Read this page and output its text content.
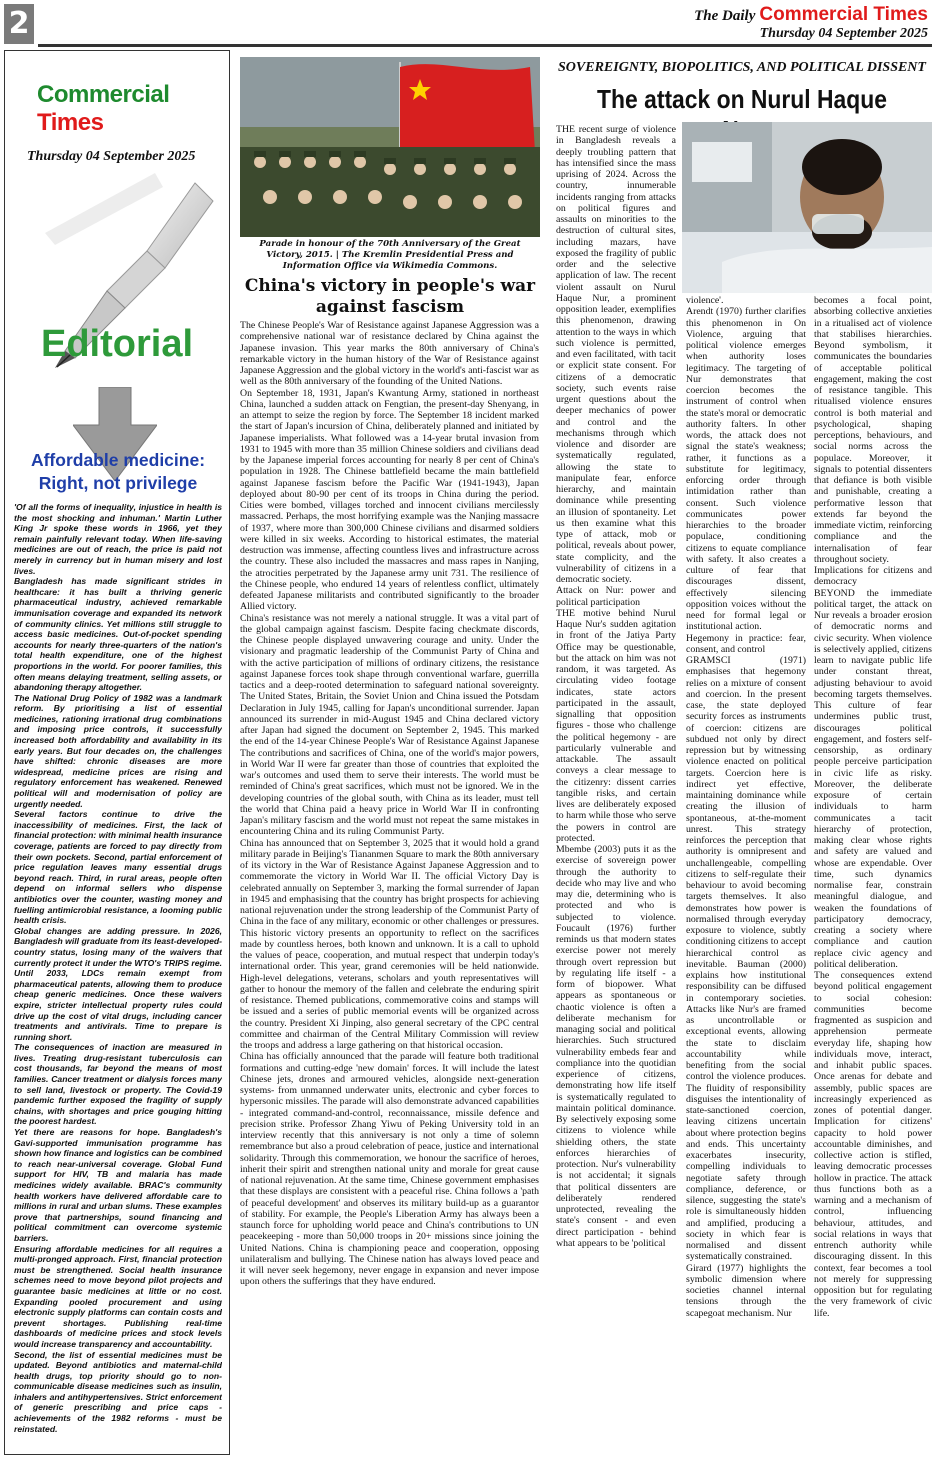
2	The Daily Commercial Times
Thursday 04 September 2025
Commercial Times
Thursday 04 September 2025
Editorial
Affordable medicine: Right, not privilege

'Of all the forms of inequality, injustice in health is the most shocking and inhuman.' Martin Luther King Jr spoke these words in 1966, yet they remain painfully relevant today. When life-saving medicines are out of reach, the price is paid not merely in currency but in human misery and lost lives.

Bangladesh has made significant strides in healthcare: it has built a thriving generic pharmaceutical industry, achieved remarkable immunisation coverage and expanded its network of community clinics. Yet millions still struggle to access basic medicines. Out-of-pocket spending accounts for nearly three-quarters of the nation's total health expenditure, one of the highest proportions in the world. For poorer families, this often means delaying treatment, selling assets, or abandoning therapy altogether.

The National Drug Policy of 1982 was a landmark reform. By prioritising a list of essential medicines, rationing irrational drug combinations and imposing price controls, it successfully increased both affordability and availability in its early years. But four decades on, the challenges have shifted: chronic diseases are more widespread, medicine prices are rising and regulatory enforcement has weakened. Renewed political will and modernisation of policy are urgently needed.

Several factors continue to drive the inaccessibility of medicines. First, the lack of financial protection: with minimal health insurance coverage, patients are forced to pay directly from their own pockets. Second, partial enforcement of price regulation leaves many essential drugs beyond reach. Third, in rural areas, people often depend on informal sellers who dispense antibiotics over the counter, wasting money and fuelling antimicrobial resistance, a looming public health crisis.

Global changes are adding pressure. In 2026, Bangladesh will graduate from its least-developed-country status, losing many of the waivers that currently protect it under the WTO's TRIPS regime. Until 2033, LDCs remain exempt from pharmaceutical patents, allowing them to produce cheap generic medicines. Once these waivers expire, stricter intellectual property rules could drive up the cost of vital drugs, including cancer treatments and antivirals. Time to prepare is running short.

The consequences of inaction are measured in lives. Treating drug-resistant tuberculosis can cost thousands, far beyond the means of most families. Cancer treatment or dialysis forces many to sell land, livestock or property. The Covid-19 pandemic further exposed the fragility of supply chains, with shortages and price gouging hitting the poorest hardest.

Yet there are reasons for hope. Bangladesh's Gavi-supported immunisation programme has shown how finance and logistics can be combined to reach near-universal coverage. Global Fund support for HIV, TB and malaria has made medicines widely available. BRAC's community health workers have delivered affordable care to millions in rural and urban slums. These examples prove that partnerships, sound financing and political commitment can overcome systemic barriers.

Ensuring affordable medicines for all requires a multi-pronged approach. First, financial protection must be strengthened. Social health insurance schemes need to move beyond pilot projects and guarantee basic medicines at little or no cost. Expanding pooled procurement and using electronic supply platforms can contain costs and prevent shortages. Publishing real-time dashboards of medicine prices and stock levels would increase transparency and accountability.

Second, the list of essential medicines must be updated. Beyond antibiotics and maternal-child health drugs, top priority should go to non-communicable disease medicines such as insulin, inhalers and antihypertensives. Strict enforcement of generic prescribing and price caps - achievements of the 1982 reforms - must be reinstated.

Parade in honour of the 70th Anniversary of the Great Victory, 2015. | The Kremlin Presidential Press and Information Office via Wikimedia Commons.
China's victory in people's war against fascism

The Chinese People's War of Resistance against Japanese Aggression was a comprehensive national war of resistance declared by China against the Japanese invasion. This year marks the 80th anniversary of China's remarkable victory in the human history of the War of Resistance against Japanese Aggression and the global victory in the world's anti-fascist war as well as the 80th anniversary of the founding of the United Nations.

On September 18, 1931, Japan's Kwantung Army, stationed in northeast China, launched a sudden attack on Fengtian, the present-day Shenyang, in an attempt to seize the region by force. The September 18 incident marked the start of Japan's incursion of China, deliberately planned and initiated by Japanese imperialists. What followed was a 14-year brutal invasion from 1931 to 1945 with more than 35 million Chinese soldiers and civilians dead by the Japanese imperial forces accounting for nearly 8 per cent of China's population in 1928. The Chinese battlefield became the main battlefield against Japanese fascism before the Pacific War (1941-1943), Japan deployed about 80-90 per cent of its troops in China during the period. Cities were bombed, villages torched and innocent civilians mercilessly massacred. Perhaps, the most horrifying example was the Nanjing massacre of 1937, where more than 300,000 Chinese civilians and disarmed soldiers were killed in six weeks. According to historical estimates, the material destruction was immense, affecting countless lives and infrastructure across the country. These also included the massacres and mass rapes in Nanjing, the atrocities perpetrated by the Japanese army unit 731. The resilience of the Chinese people, who endured 14 years of relentless conflict, ultimately defeated Japanese militarists and contributed significantly to the broader Allied victory.

China's resistance was not merely a national struggle. It was a vital part of the global campaign against fascism. Despite facing checkmate discords, the Chinese people displayed unwavering courage and unity. Under the visionary and pragmatic leadership of the Communist Party of China and with the active participation of millions of ordinary citizens, the resistance against Japanese forces took shape through conventional warfare, guerrilla tactics and a deep-rooted determination to safeguard national sovereignty. The United States, Britain, the Soviet Union and China issued the Potsdam Declaration in July 1945, calling for Japan's unconditional surrender. Japan announced its surrender in mid-August 1945 and China declared victory after Japan had signed the document on September 2, 1945. This marked the end of the 14-year Chinese People's War of Resistance Against Japanese The contributions and sacrifices of China, one of the world's major powers, in World War II were far greater than those of countries that exploited the war's outcomes and used them to serve their interests. The world must be reminded of China's great sacrifices, which must not be ignored. We in the developing countries of the global south, with China as its leader, must tell the world that China paid a heavy price in World War II in confronting Japan's military fascism and the world must not repeat the same mistakes in encountering China and its ruling Communist Party.

China has announced that on September 3, 2025 that it would hold a grand military parade in Beijing's Tiananmen Square to mark the 80th anniversary of its victory in the War of Resistance Against Japanese Aggression and to commemorate the victory in World War II. The official Victory Day is celebrated annually on September 3, marking the formal surrender of Japan in 1945 and emphasising that the country has bright prospects for achieving national rejuvenation under the strong leadership of the Communist Party of China in the face of any military, economic or other challenges or pressures. This historic victory presents an opportunity to reflect on the sacrifices made by countless heroes, both known and unknown. It is a call to uphold the values of peace, cooperation, and mutual respect that underpin today's international order. This year, grand ceremonies will be held nationwide. High-level delegations, veterans, scholars and youth representatives will gather to honour the memory of the fallen and celebrate the enduring spirit of resistance. Themed publications, commemorative coins and stamps will be issued and a series of public memorial events will be organized across the country. President Xi Jinping, also general secretary of the CPC central committee and chairman of the Central Military Commission will review the troops and address a large gathering on that historical occasion.

China has officially announced that the parade will feature both traditional formations and cutting-edge 'new domain' forces. It will include the latest Chinese jets, drones and armoured vehicles, alongside next-generation systems- from unmanned underwater units, electronic and cyber forces to hypersonic missiles. The parade will also demonstrate advanced capabilities - integrated command-and-control, reconnaissance, missile defence and precision strike. Professor Zhang Yiwu of Peking University told in an interview recently that this anniversary is not only a time of solemn remembrance but also a proud celebration of peace, justice and international solidarity. Through this commemoration, we honour the sacrifice of heroes, inherit their spirit and strengthen national unity and morale for great cause of national rejuvenation. At the same time, Chinese government emphasises that these displays are consistent with a peaceful rise. China follows a 'path of peaceful development' and observes its military build-up as a guarantor of stability. For example, the People's Liberation Army has always been a staunch force for upholding world peace and China's contributions to UN peacekeeping - more than 50,000 troops in 20+ missions since joining the United Nations. China is championing peace and cooperation, opposing unilateralism and bullying. The Chinese nation has always loved peace and it will never seek hegemony, never engage in expansion and never impose upon others the sufferings that they have endured.

SOVEREIGNTY, BIOPOLITICS, AND POLITICAL DISSENT
The attack on Nurul Haque

THE recent surge of violence in Bangladesh reveals a deeply troubling pattern that has intensified since the mass uprising of 2024. Across the country, innumerable incidents ranging from attacks on political figures and assaults on minorities to the destruction of cultural sites, including mazars, have exposed the fragility of public order and the selective application of law. The recent violent assault on Nurul Haque Nur, a prominent opposition leader, exemplifies this phenomenon, drawing attention to the ways in which such violence is permitted, and even facilitated, with tacit or explicit state consent. For citizens of a democratic society, such events raise urgent questions about the deeper mechanics of power and control and the mechanisms through which violence and disorder are systematically regulated, allowing the state to manipulate fear, enforce hierarchy, and maintain dominance while presenting an illusion of spontaneity. Let us then examine what this type of attack, mob or political, reveals about power, state complicity, and the vulnerability of citizens in a democratic society.

Attack on Nur: power and political participation

THE motive behind Nurul Haque Nur's sudden agitation in front of the Jatiya Party Office may be questionable, but the attack on him was not random, it was targeted. As circulating video footage indicates, state actors participated in the assault, signalling that opposition figures - those who challenge the political hegemony - are particularly vulnerable and attackable. The assault conveys a clear message to the citizenry: dissent carries tangible risks, and certain lives are deliberately exposed to harm while those who serve the powers in control are protected.

Mbembe (2003) puts it as the exercise of sovereign power through the authority to decide who may live and who may die, determining who is protected and who is subjected to violence. Foucault (1976) further reminds us that modern states exercise power not merely through overt repression but by regulating life itself - a form of biopower. What appears as spontaneous or chaotic violence is often a deliberate mechanism for managing social and political hierarchies. Such structured vulnerability embeds fear and compliance into the quotidian experience of citizens, demonstrating how life itself is systematically regulated to maintain political dominance. By selectively exposing some citizens to violence while shielding others, the state enforces hierarchies of protection. Nur's vulnerability is not accidental; it signals that political dissenters are deliberately rendered unprotected, revealing the state's consent - and even direct participation - behind what appears to be 'political

violence'.

Arendt (1970) further clarifies this phenomenon in On Violence, arguing that political violence emerges when authority loses legitimacy. The targeting of Nur demonstrates that coercion becomes the instrument of control when the state's moral or democratic authority falters. In other words, the attack does not signal the state's weakness; rather, it functions as a substitute for legitimacy, enforcing order through intimidation rather than consent. Such violence communicates power hierarchies to the broader populace, conditioning citizens to equate compliance with safety. It also creates a culture of fear that discourages dissent, effectively silencing opposition voices without the need for formal legal or institutional action.

Hegemony in practice: fear, consent, and control

GRAMSCI (1971) emphasises that hegemony relies on a mixture of consent and coercion. In the present case, the state deployed security forces as instruments of coercion: citizens are subdued not only by direct repression but by witnessing violence enacted on political targets. Coercion here is indirect yet effective, maintaining dominance while creating the illusion of spontaneous, at-the-moment unrest. This strategy reinforces the perception that authority is omnipresent and unchallengeable, compelling citizens to self-regulate their behaviour to avoid becoming targets themselves. It also demonstrates how power is normalised through everyday exposure to violence, subtly conditioning citizens to accept hierarchical control as inevitable. Bauman (2000) explains how institutional responsibility can be diffused in contemporary societies. Attacks like Nur's are framed as uncontrollable or exceptional events, allowing the state to disclaim accountability while benefiting from the social control the violence produces. The fluidity of responsibility disguises the intentionality of state-sanctioned coercion, leaving citizens uncertain about where protection begins and ends. This uncertainty exacerbates insecurity, compelling individuals to negotiate safety through compliance, deference, or silence, suggesting the state's role is simultaneously hidden and amplified, producing a society in which fear is normalised and dissent systematically constrained.

Girard (1977) highlights the symbolic dimension where societies channel internal tensions through the scapegoat mechanism. Nur

becomes a focal point, absorbing collective anxieties in a ritualised act of violence that stabilises hierarchies. Beyond symbolism, it communicates the boundaries of acceptable political engagement, making the cost of resistance tangible. This ritualised violence ensures control is both material and psychological, shaping perceptions, behaviours, and social norms across the populace. Moreover, it signals to potential dissenters that defiance is both visible and punishable, creating a performative lesson that extends far beyond the immediate victim, reinforcing compliance and the internalisation of fear throughout society.

Implications for citizens and democracy

BEYOND the immediate political target, the attack on Nur reveals a broader erosion of democratic norms and civic security. When violence is selectively applied, citizens learn to navigate public life under constant threat, adjusting behaviour to avoid becoming targets themselves. This culture of fear undermines public trust, discourages political engagement, and fosters self-censorship, as ordinary people perceive participation in civic life as risky. Moreover, the deliberate exposure of certain individuals to harm communicates a tacit hierarchy of protection, making clear whose rights and safety are valued and whose are expendable. Over time, such dynamics normalise fear, constrain meaningful dialogue, and weaken the foundations of participatory democracy, creating a society where compliance and caution replace civic agency and political deliberation.

The consequences extend beyond political engagement to social cohesion: communities become fragmented as suspicion and apprehension permeate everyday life, shaping how individuals move, interact, and inhabit public spaces. Once arenas for debate and assembly, public spaces are increasingly experienced as zones of potential danger. Implication for citizens' capacity to hold power accountable diminishes, and collective action is stifled, leaving democratic processes hollow in practice. The attack thus functions both as a warning and a mechanism of control, influencing behaviour, attitudes, and social relations in ways that entrench authority while discouraging dissent. In this context, fear becomes a tool not merely for suppressing opposition but for regulating the very framework of civic life.
